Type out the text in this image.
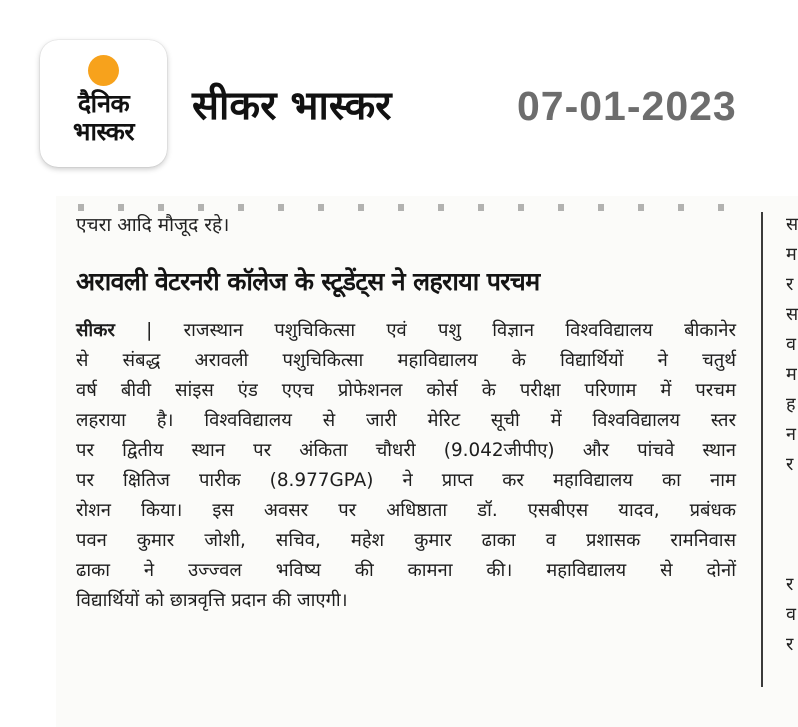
दैनिक
भास्कर
सीकर भास्कर	07-01-2023
एचरा आदि मौजूद रहे।
अरावली वेटरनरी कॉलेज के स्टूडेंट्स ने लहराया परचम
सीकर | राजस्थान पशुचिकित्सा एवं पशु विज्ञान विश्वविद्यालय बीकानेर
से संबद्ध अरावली पशुचिकित्सा महाविद्यालय के विद्यार्थियों ने चतुर्थ
वर्ष बीवी सांइस एंड एएच प्रोफेशनल कोर्स के परीक्षा परिणाम में परचम
लहराया है। विश्वविद्यालय से जारी मेरिट सूची में विश्वविद्यालय स्तर
पर द्वितीय स्थान पर अंकिता चौधरी (9.042जीपीए) और पांचवे स्थान
पर क्षितिज पारीक (8.977GPA) ने प्राप्त कर महाविद्यालय का नाम
रोशन किया। इस अवसर पर अधिष्ठाता डॉ. एसबीएस यादव, प्रबंधक
पवन कुमार जोशी, सचिव, महेश कुमार ढाका व प्रशासक रामनिवास
ढाका ने उज्ज्वल भविष्य की कामना की। महाविद्यालय से दोनों
विद्यार्थियों को छात्रवृत्ति प्रदान की जाएगी।
स
म
र
स
व
म
ह
न
र
र
व
र
